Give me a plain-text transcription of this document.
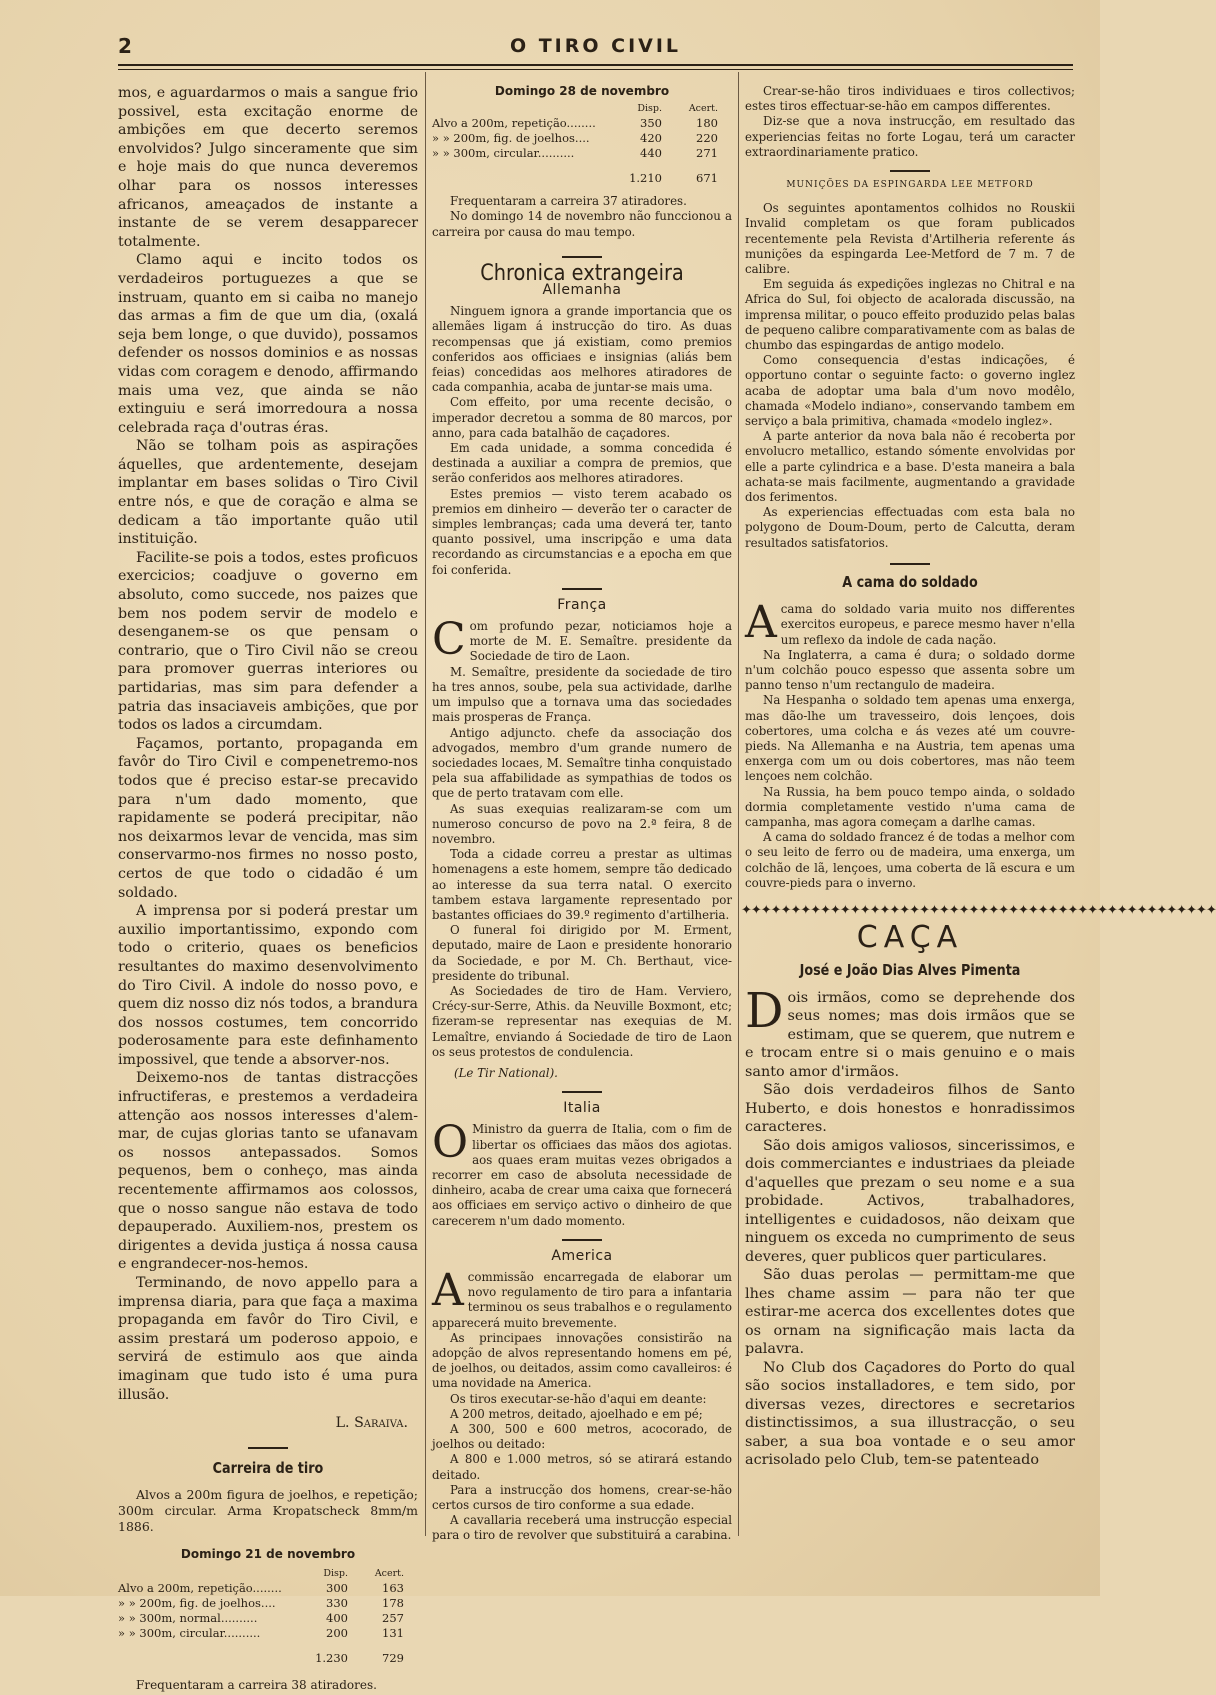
2	O TIRO CIVIL

mos, e aguardarmos o mais a sangue frio possivel, esta excitação enorme de ambições em que decerto seremos envolvidos? Julgo sinceramente que sim e hoje mais do que nunca deveremos olhar para os nossos interesses africanos, ameaçados de instante a instante de se verem desapparecer totalmente.

Clamo aqui e incito todos os verdadeiros portuguezes a que se instruam, quanto em si caiba no manejo das armas a fim de que um dia, (oxalá seja bem longe, o que duvido), possamos defender os nossos dominios e as nossas vidas com coragem e denodo, affirmando mais uma vez, que ainda se não extinguiu e será imorredoura a nossa celebrada raça d'outras éras.

Não se tolham pois as aspirações áquelles, que ardentemente, desejam implantar em bases solidas o Tiro Civil entre nós, e que de coração e alma se dedicam a tão importante quão util instituição.

Facilite-se pois a todos, estes proficuos exercicios; coadjuve o governo em absoluto, como succede, nos paizes que bem nos podem servir de modelo e desenganem-se os que pensam o contrario, que o Tiro Civil não se creou para promover guerras interiores ou partidarias, mas sim para defender a patria das insaciaveis ambições, que por todos os lados a circumdam.

Façamos, portanto, propaganda em favôr do Tiro Civil e compenetremo-nos todos que é preciso estar-se precavido para n'um dado momento, que rapidamente se poderá precipitar, não nos deixarmos levar de vencida, mas sim conservarmo-nos firmes no nosso posto, certos de que todo o cidadão é um soldado.

A imprensa por si poderá prestar um auxilio importantissimo, expondo com todo o criterio, quaes os beneficios resultantes do maximo desenvolvimento do Tiro Civil. A indole do nosso povo, e quem diz nosso diz nós todos, a brandura dos nossos costumes, tem concorrido poderosamente para este definhamento impossivel, que tende a absorver-nos.

Deixemo-nos de tantas distracções infructiferas, e prestemos a verdadeira attenção aos nossos interesses d'alem-mar, de cujas glorias tanto se ufanavam os nossos antepassados. Somos pequenos, bem o conheço, mas ainda recentemente affirmamos aos colossos, que o nosso sangue não estava de todo depauperado. Auxiliem-nos, prestem os dirigentes a devida justiça á nossa causa e engrandecer-nos-hemos.

Terminando, de novo appello para a imprensa diaria, para que faça a maxima propaganda em favôr do Tiro Civil, e assim prestará um poderoso appoio, e servirá de estimulo aos que ainda imaginam que tudo isto é uma pura illusão.

L. Saraiva.
Carreira de tiro

Alvos a 200m figura de joelhos, e repetição; 300m circular. Arma Kropatscheck 8mm/m 1886.

Domingo 21 de novembro
	Disp.	Acert.
Alvo a 200m, repetição........	300	163
» » 200m, fig. de joelhos....	330	178
» » 300m, normal..........	400	257
» » 300m, circular..........	200	131
	1.230	729

Frequentaram a carreira 38 atiradores.

Domingo 28 de novembro
	Disp.	Acert.
Alvo a 200m, repetição........	350	180
» » 200m, fig. de joelhos....	420	220
» » 300m, circular..........	440	271
	1.210	671

Frequentaram a carreira 37 atiradores.

No domingo 14 de novembro não funccionou a carreira por causa do mau tempo.

Chronica extrangeira
Allemanha

Ninguem ignora a grande importancia que os allemães ligam á instrucção do tiro. As duas recompensas que já existiam, como premios conferidos aos officiaes e insignias (aliás bem feias) concedidas aos melhores atiradores de cada companhia, acaba de juntar-se mais uma.

Com effeito, por uma recente decisão, o imperador decretou a somma de 80 marcos, por anno, para cada batalhão de caçadores.

Em cada unidade, a somma concedida é destinada a auxiliar a compra de premios, que serão conferidos aos melhores atiradores.

Estes premios — visto terem acabado os premios em dinheiro — deverão ter o caracter de simples lembranças; cada uma deverá ter, tanto quanto possivel, uma inscripção e uma data recordando as circumstancias e a epocha em que foi conferida.

França

Com profundo pezar, noticiamos hoje a morte de M. E. Semaître. presidente da Sociedade de tiro de Laon.

M. Semaître, presidente da sociedade de tiro ha tres annos, soube, pela sua actividade, darlhe um impulso que a tornava uma das sociedades mais prosperas de França.

Antigo adjuncto. chefe da associação dos advogados, membro d'um grande numero de sociedades locaes, M. Semaître tinha conquistado pela sua affabilidade as sympathias de todos os que de perto tratavam com elle.

As suas exequias realizaram-se com um numeroso concurso de povo na 2.ª feira, 8 de novembro.

Toda a cidade correu a prestar as ultimas homenagens a este homem, sempre tão dedicado ao interesse da sua terra natal. O exercito tambem estava largamente representado por bastantes officiaes do 39.º regimento d'artilheria.

O funeral foi dirigido por M. Erment, deputado, maire de Laon e presidente honorario da Sociedade, e por M. Ch. Berthaut, vice-presidente do tribunal.

As Sociedades de tiro de Ham. Verviero, Crécy-sur-Serre, Athis. da Neuville Boxmont, etc; fizeram-se representar nas exequias de M. Lemaître, enviando á Sociedade de tiro de Laon os seus protestos de condulencia.

(Le Tir National).

Italia

O Ministro da guerra de Italia, com o fim de libertar os officiaes das mãos dos agiotas. aos quaes eram muitas vezes obrigados a recorrer em caso de absoluta necessidade de dinheiro, acaba de crear uma caixa que fornecerá aos officiaes em serviço activo o dinheiro de que carecerem n'um dado momento.

America

Acommissão encarregada de elaborar um novo regulamento de tiro para a infantaria terminou os seus trabalhos e o regulamento apparecerá muito brevemente.

As principaes innovações consistirão na adopção de alvos representando homens em pé, de joelhos, ou deitados, assim como cavalleiros: é uma novidade na America.

Os tiros executar-se-hão d'aqui em deante:

A 200 metros, deitado, ajoelhado e em pé;

A 300, 500 e 600 metros, acocorado, de joelhos ou deitado:

A 800 e 1.000 metros, só se atirará estando deitado.

Para a instrucção dos homens, crear-se-hão certos cursos de tiro conforme a sua edade.

A cavallaria receberá uma instrucção especial para o tiro de revolver que substituirá a carabina.

Crear-se-hão tiros individuaes e tiros collectivos; estes tiros effectuar-se-hão em campos differentes.

Diz-se que a nova instrucção, em resultado das experiencias feitas no forte Logau, terá um caracter extraordinariamente pratico.

MUNIÇÕES DA ESPINGARDA LEE METFORD

Os seguintes apontamentos colhidos no Rouskii Invalid completam os que foram publicados recentemente pela Revista d'Artilheria referente ás munições da espingarda Lee-Metford de 7 m. 7 de calibre.

Em seguida ás expedições inglezas no Chitral e na Africa do Sul, foi objecto de acalorada discussão, na imprensa militar, o pouco effeito produzido pelas balas de pequeno calibre comparativamente com as balas de chumbo das espingardas de antigo modelo.

Como consequencia d'estas indicações, é opportuno contar o seguinte facto: o governo inglez acaba de adoptar uma bala d'um novo modêlo, chamada «Modelo indiano», conservando tambem em serviço a bala primitiva, chamada «modelo inglez».

A parte anterior da nova bala não é recoberta por envolucro metallico, estando sómente envolvidas por elle a parte cylindrica e a base. D'esta maneira a bala achata-se mais facilmente, augmentando a gravidade dos ferimentos.

As experiencias effectuadas com esta bala no polygono de Doum-Doum, perto de Calcutta, deram resultados satisfatorios.

A cama do soldado

Acama do soldado varia muito nos differentes exercitos europeus, e parece mesmo haver n'ella um reflexo da indole de cada nação.

Na Inglaterra, a cama é dura; o soldado dorme n'um colchão pouco espesso que assenta sobre um panno tenso n'um rectangulo de madeira.

Na Hespanha o soldado tem apenas uma enxerga, mas dão-lhe um travesseiro, dois lençoes, dois cobertores, uma colcha e ás vezes até um couvre-pieds. Na Allemanha e na Austria, tem apenas uma enxerga com um ou dois cobertores, mas não teem lençoes nem colchão.

Na Russia, ha bem pouco tempo ainda, o soldado dormia completamente vestido n'uma cama de campanha, mas agora começam a darlhe camas.

A cama do soldado francez é de todas a melhor com o seu leito de ferro ou de madeira, uma enxerga, um colchão de lã, lençoes, uma coberta de lã escura e um couvre-pieds para o inverno.

✦✦✦✦✦✦✦✦✦✦✦✦✦✦✦✦✦✦✦✦✦✦✦✦✦✦✦✦✦✦✦✦✦✦✦✦✦✦✦✦✦✦✦✦✦✦✦✦
CAÇA
José e João Dias Alves Pimenta

Dois irmãos, como se deprehende dos seus nomes; mas dois irmãos que se estimam, que se querem, que nutrem e e trocam entre si o mais genuino e o mais santo amor d'irmãos.

São dois verdadeiros filhos de Santo Huberto, e dois honestos e honradissimos caracteres.

São dois amigos valiosos, sincerissimos, e dois commerciantes e industriaes da pleiade d'aquelles que prezam o seu nome e a sua probidade. Activos, trabalhadores, intelligentes e cuidadosos, não deixam que ninguem os exceda no cumprimento de seus deveres, quer publicos quer particulares.

São duas perolas — permittam-me que lhes chame assim — para não ter que estirar-me acerca dos excellentes dotes que os ornam na significação mais lacta da palavra.

No Club dos Caçadores do Porto do qual são socios installadores, e tem sido, por diversas vezes, directores e secretarios distinctissimos, a sua illustracção, o seu saber, a sua boa vontade e o seu amor acrisolado pelo Club, tem-se patenteado
